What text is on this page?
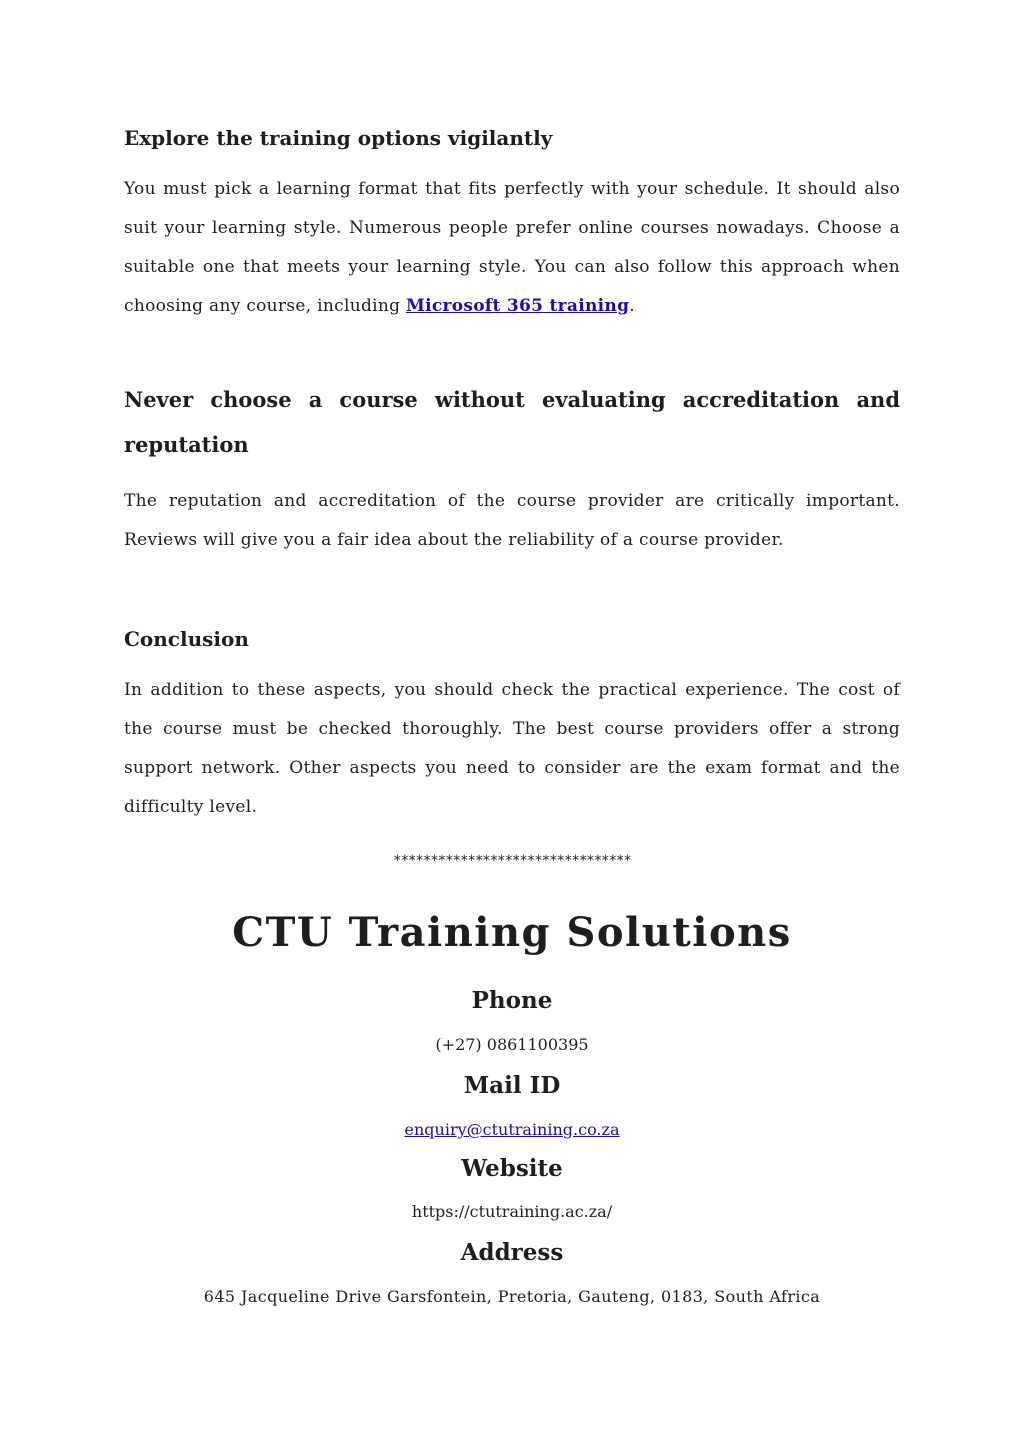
Explore the training options vigilantly

You must pick a learning format that fits perfectly with your schedule. It should also suit your learning style. Numerous people prefer online courses nowadays. Choose a suitable one that meets your learning style. You can also follow this approach when choosing any course, including Microsoft 365 training.

Never choose a course without evaluating accreditation and reputation

The reputation and accreditation of the course provider are critically important. Reviews will give you a fair idea about the reliability of a course provider.

Conclusion

In addition to these aspects, you should check the practical experience. The cost of the course must be checked thoroughly. The best course providers offer a strong support network. Other aspects you need to consider are the exam format and the difficulty level.

********************************
CTU Training Solutions
Phone
(+27) 0861100395
Mail ID
enquiry@ctutraining.co.za
Website
https://ctutraining.ac.za/
Address
645 Jacqueline Drive Garsfontein, Pretoria, Gauteng, 0183, South Africa
